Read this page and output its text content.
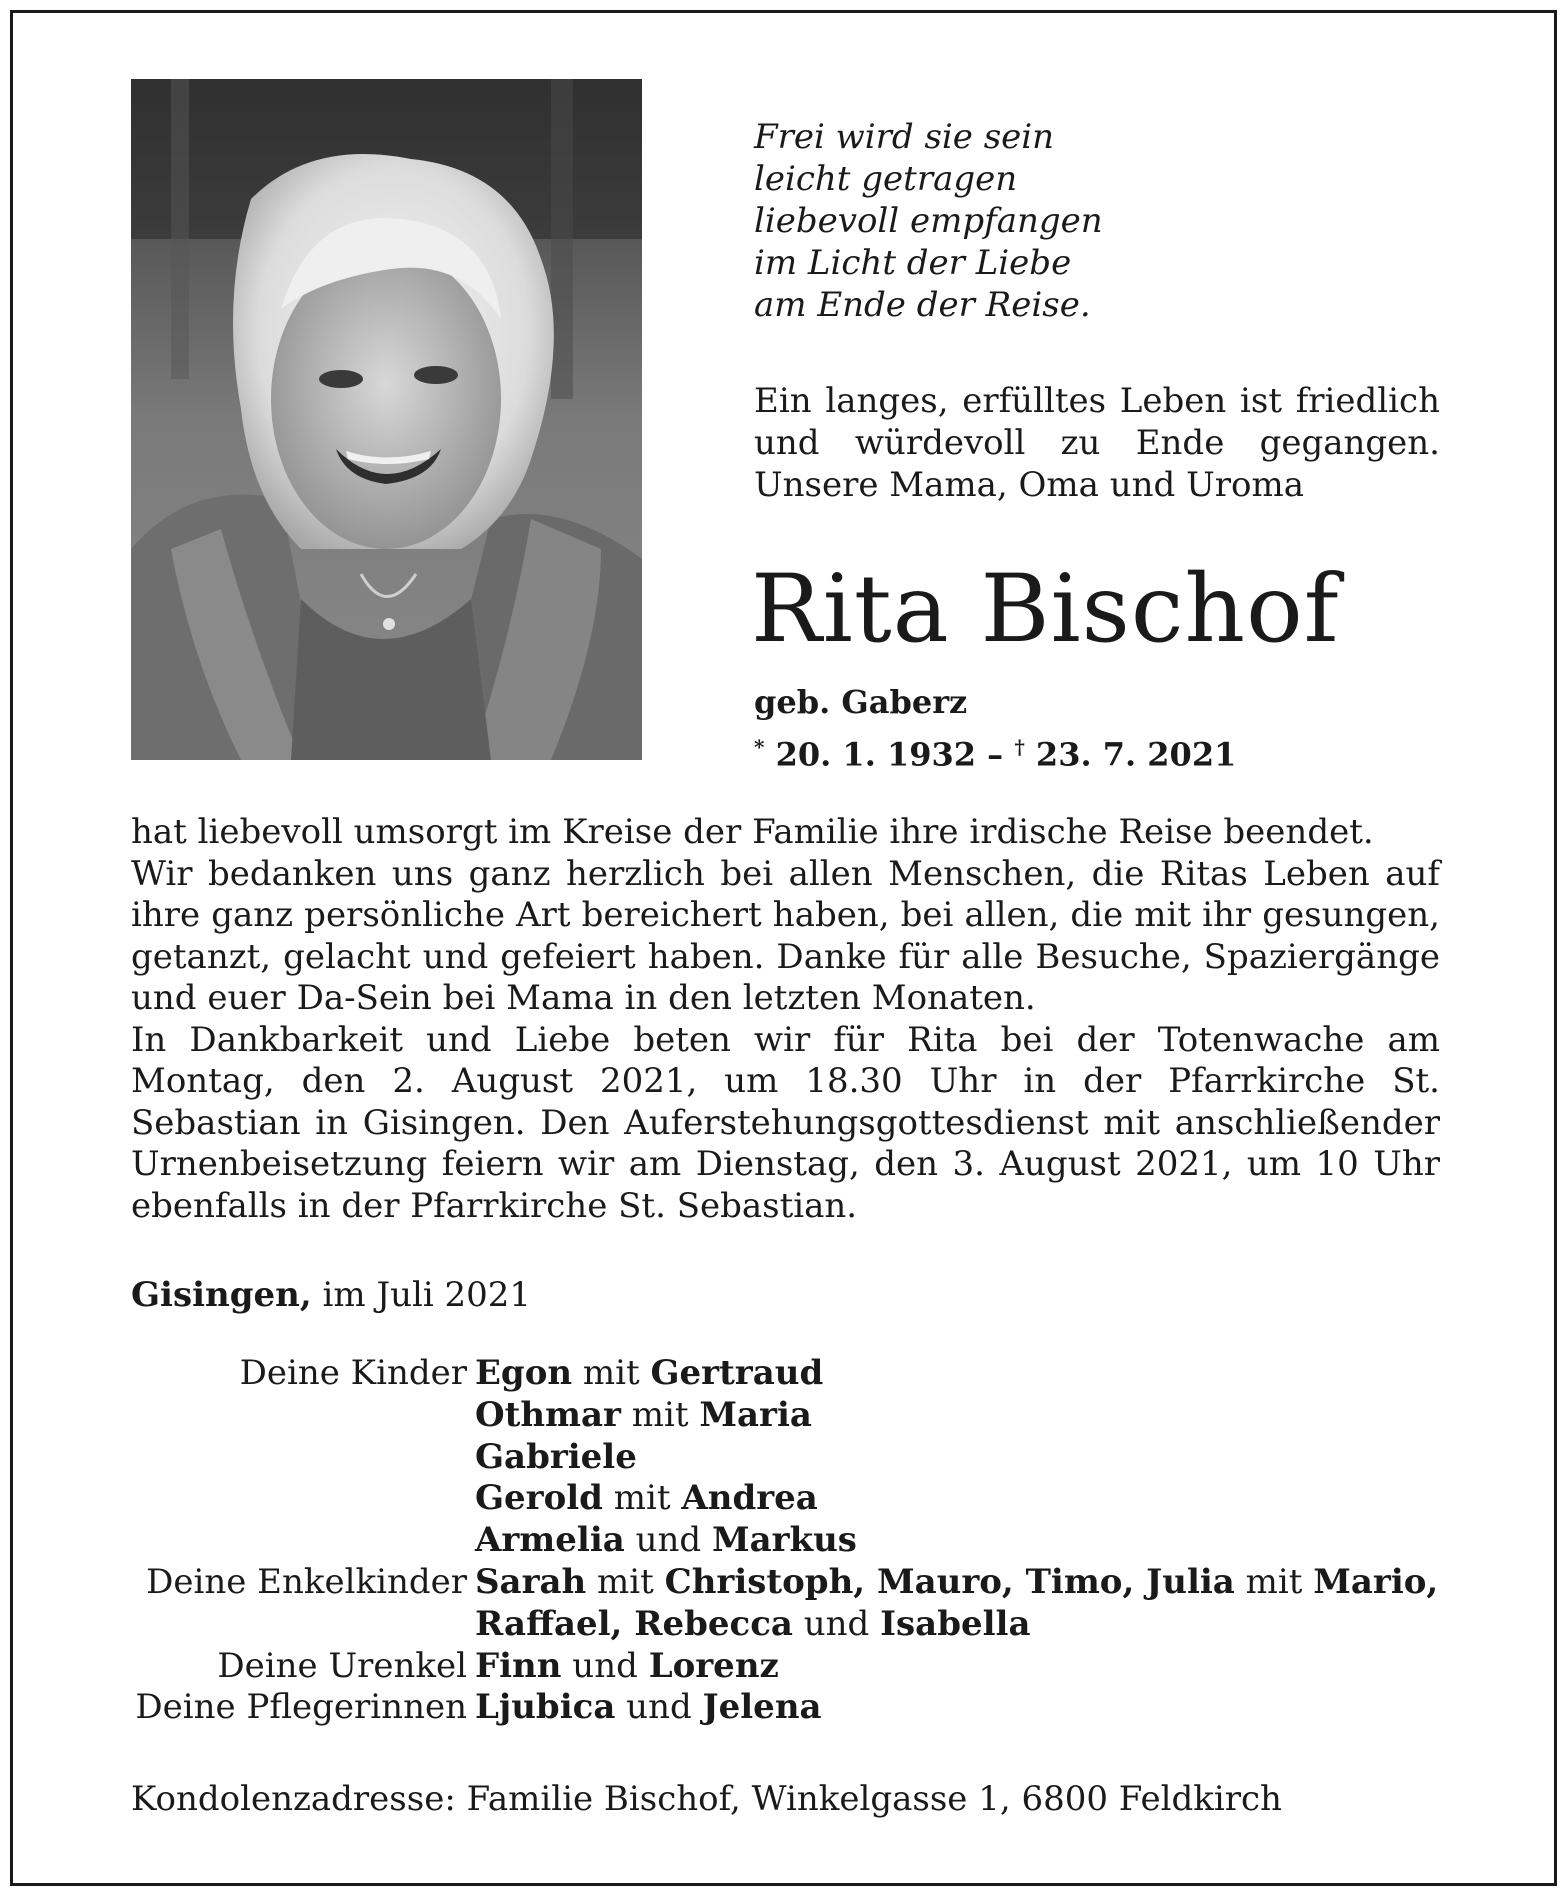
Frei wird sie sein
leicht getragen
liebevoll empfangen
im Licht der Liebe
am Ende der Reise.

Ein langes, erfülltes Leben ist friedlich und würdevoll zu Ende gegangen. Unsere Mama, Oma und Uroma

Rita Bischof
geb. Gaberz
* 20. 1. 1932 – † 23. 7. 2021
hat liebevoll umsorgt im Kreise der Familie ihre irdische Reise beendet.
Wir bedanken uns ganz herzlich bei allen Menschen, die Ritas Leben auf ihre ganz persönliche Art bereichert haben, bei allen, die mit ihr gesungen, getanzt, gelacht und gefeiert haben. Danke für alle Besuche, Spaziergänge und euer Da-Sein bei Mama in den letzten Monaten.
In Dankbarkeit und Liebe beten wir für Rita bei der Totenwache am Montag, den 2. August 2021, um 18.30 Uhr in der Pfarrkirche St. Sebastian in Gisingen. Den Auferstehungsgottesdienst mit anschließender Urnenbeisetzung feiern wir am Dienstag, den 3. August 2021, um 10 Uhr ebenfalls in der Pfarrkirche St. Sebastian.
Gisingen, im Juli 2021
Deine Kinder Egon mit Gertraud
Othmar mit Maria
Gabriele
Gerold mit Andrea
Armelia und Markus
Deine Enkelkinder Sarah mit Christoph, Mauro, Timo, Julia mit Mario,
Raffael, Rebecca und Isabella
Deine Urenkel Finn und Lorenz
Deine Pflegerinnen Ljubica und Jelena
Kondolenzadresse: Familie Bischof, Winkelgasse 1, 6800 Feldkirch
